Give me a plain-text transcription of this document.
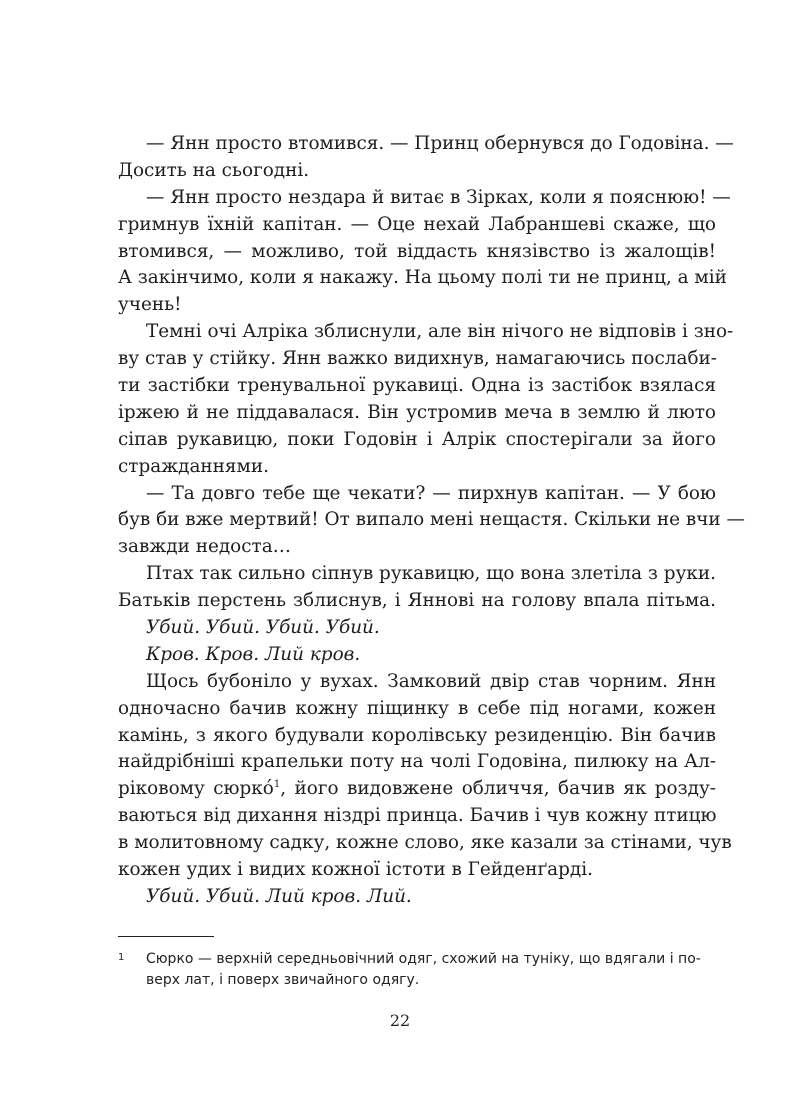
— Янн просто втомився. — Принц обернувся до Годовіна. —
Досить на сьогодні.
— Янн просто нездара й витає в Зірках, коли я пояснюю! —
гримнув їхній капітан. — Оце нехай Лабраншеві скаже, що
втомився, — можливо, той віддасть князівство із жалощів!
А закінчимо, коли я накажу. На цьому полі ти не принц, а мій
учень!
Темні очі Алріка зблиснули, але він нічого не відповів і зно-
ву став у стійку. Янн важко видихнув, намагаючись послаби-
ти застібки тренувальної рукавиці. Одна із застібок взялася
іржею й не піддавалася. Він устромив меча в землю й люто
сіпав рукавицю, поки Годовін і Алрік спостерігали за його
стражданнями.
— Та довго тебе ще чекати? — пирхнув капітан. — У бою
був би вже мертвий! От випало мені нещастя. Скільки не вчи —
завжди недоста…
Птах так сильно сіпнув рукавицю, що вона злетіла з руки.
Батьків перстень зблиснув, і Яннові на голову впала пітьма.
Убий. Убий. Убий. Убий.
Кров. Кров. Лий кров.
Щось бубоніло у вухах. Замковий двір став чорним. Янн
одночасно бачив кожну піщинку в себе під ногами, кожен
камінь, з якого будували королівську резиденцію. Він бачив
найдрібніші крапельки поту на чолі Годовіна, пилюку на Ал-
ріковому сюркó$^1$, його видовжене обличчя, бачив як розду-
ваються від дихання ніздрі принца. Бачив і чув кожну птицю
в молитовному садку, кожне слово, яке казали за стінами, чув
кожен удих і видих кожної істоти в Гейденґарді.
Убий. Убий. Лий кров. Лий.
1	Сюрко — верхній середньовічний одяг, схожий на туніку, що вдягали і по-
верх лат, і поверх звичайного одягу.
22
